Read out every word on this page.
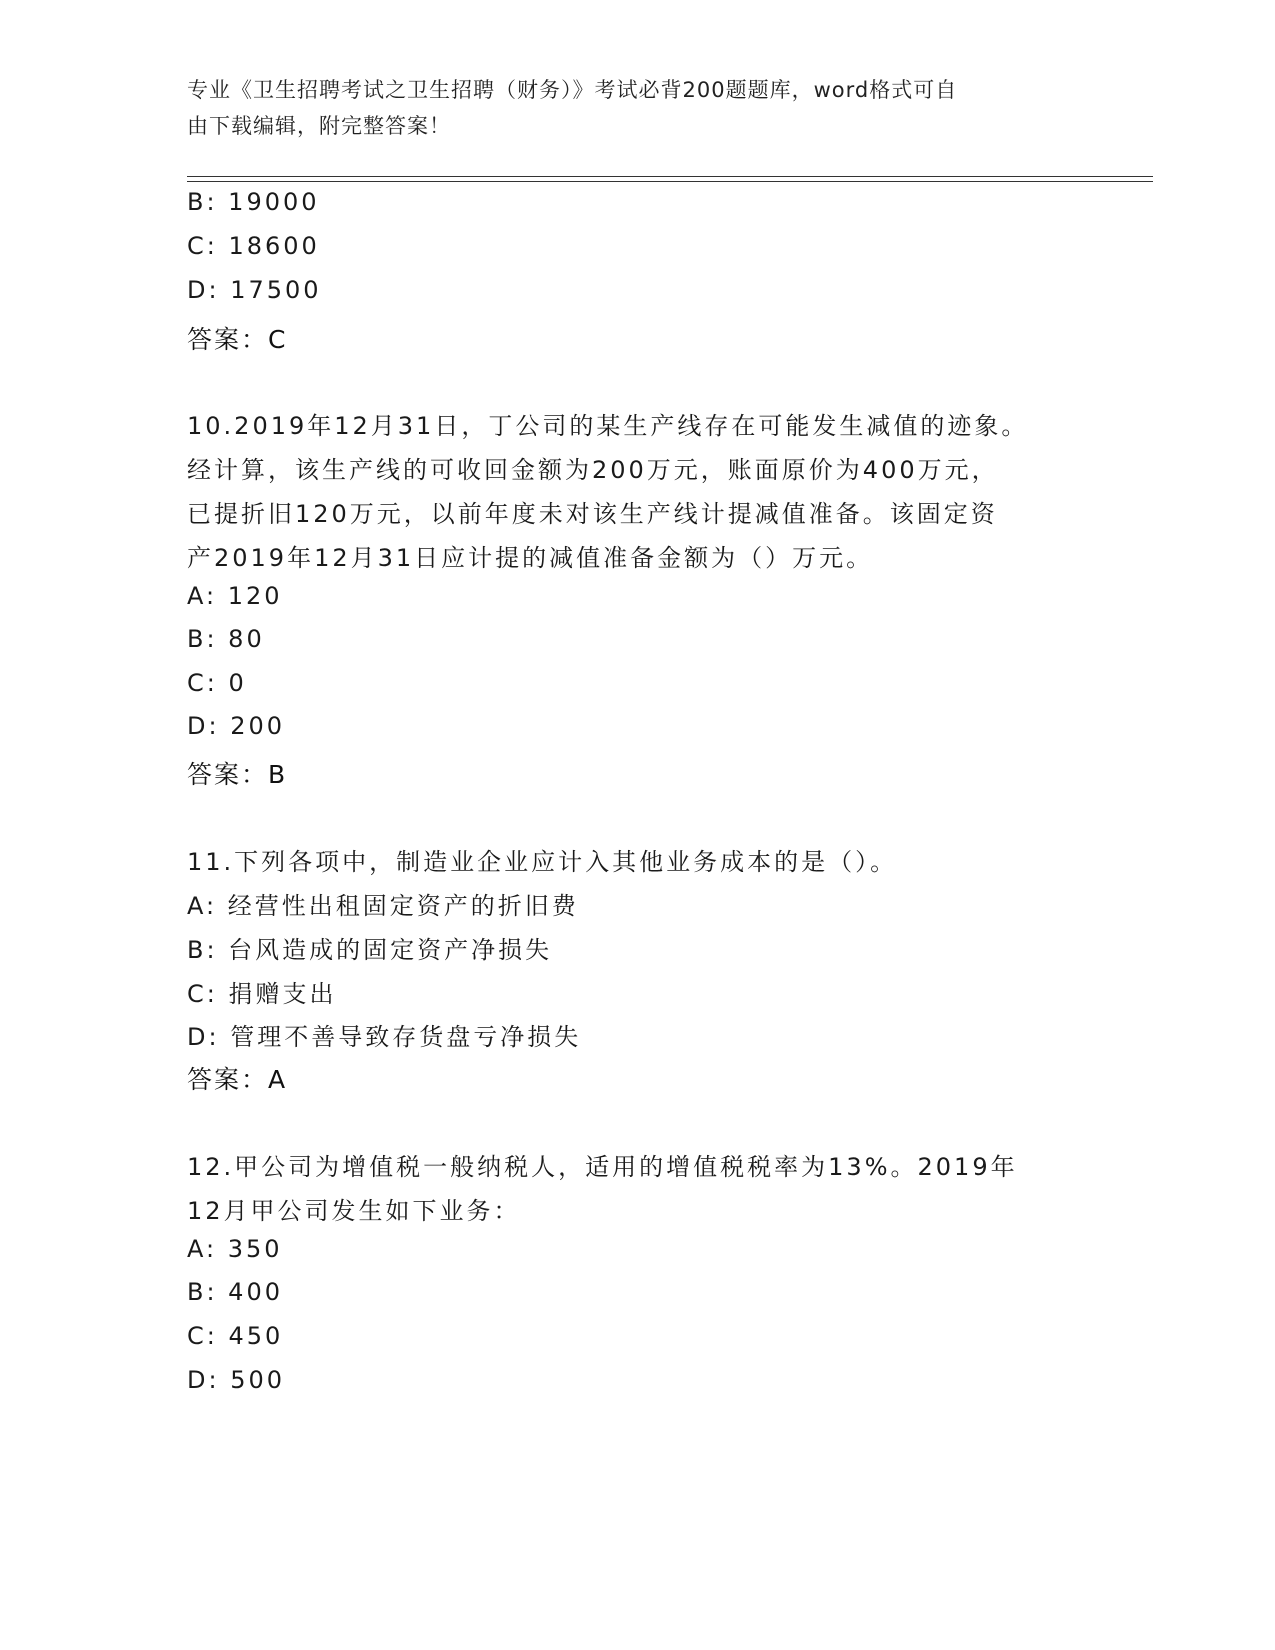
专业《卫生招聘考试之卫生招聘（财务）》考试必背200题题库，word格式可自
由下载编辑，附完整答案！
B: 19000
C: 18600
D: 17500
答案：C
10.2019年12月31日，丁公司的某生产线存在可能发生减值的迹象。
经计算，该生产线的可收回金额为200万元，账面原价为400万元，
已提折旧120万元，以前年度未对该生产线计提减值准备。该固定资
产2019年12月31日应计提的减值准备金额为（）万元。
A: 120
B: 80
C: 0
D: 200
答案：B
11.下列各项中，制造业企业应计入其他业务成本的是（）。
A: 经营性出租固定资产的折旧费
B: 台风造成的固定资产净损失
C: 捐赠支出
D: 管理不善导致存货盘亏净损失
答案：A
12.甲公司为增值税一般纳税人，适用的增值税税率为13%。2019年
12月甲公司发生如下业务：
A: 350
B: 400
C: 450
D: 500
